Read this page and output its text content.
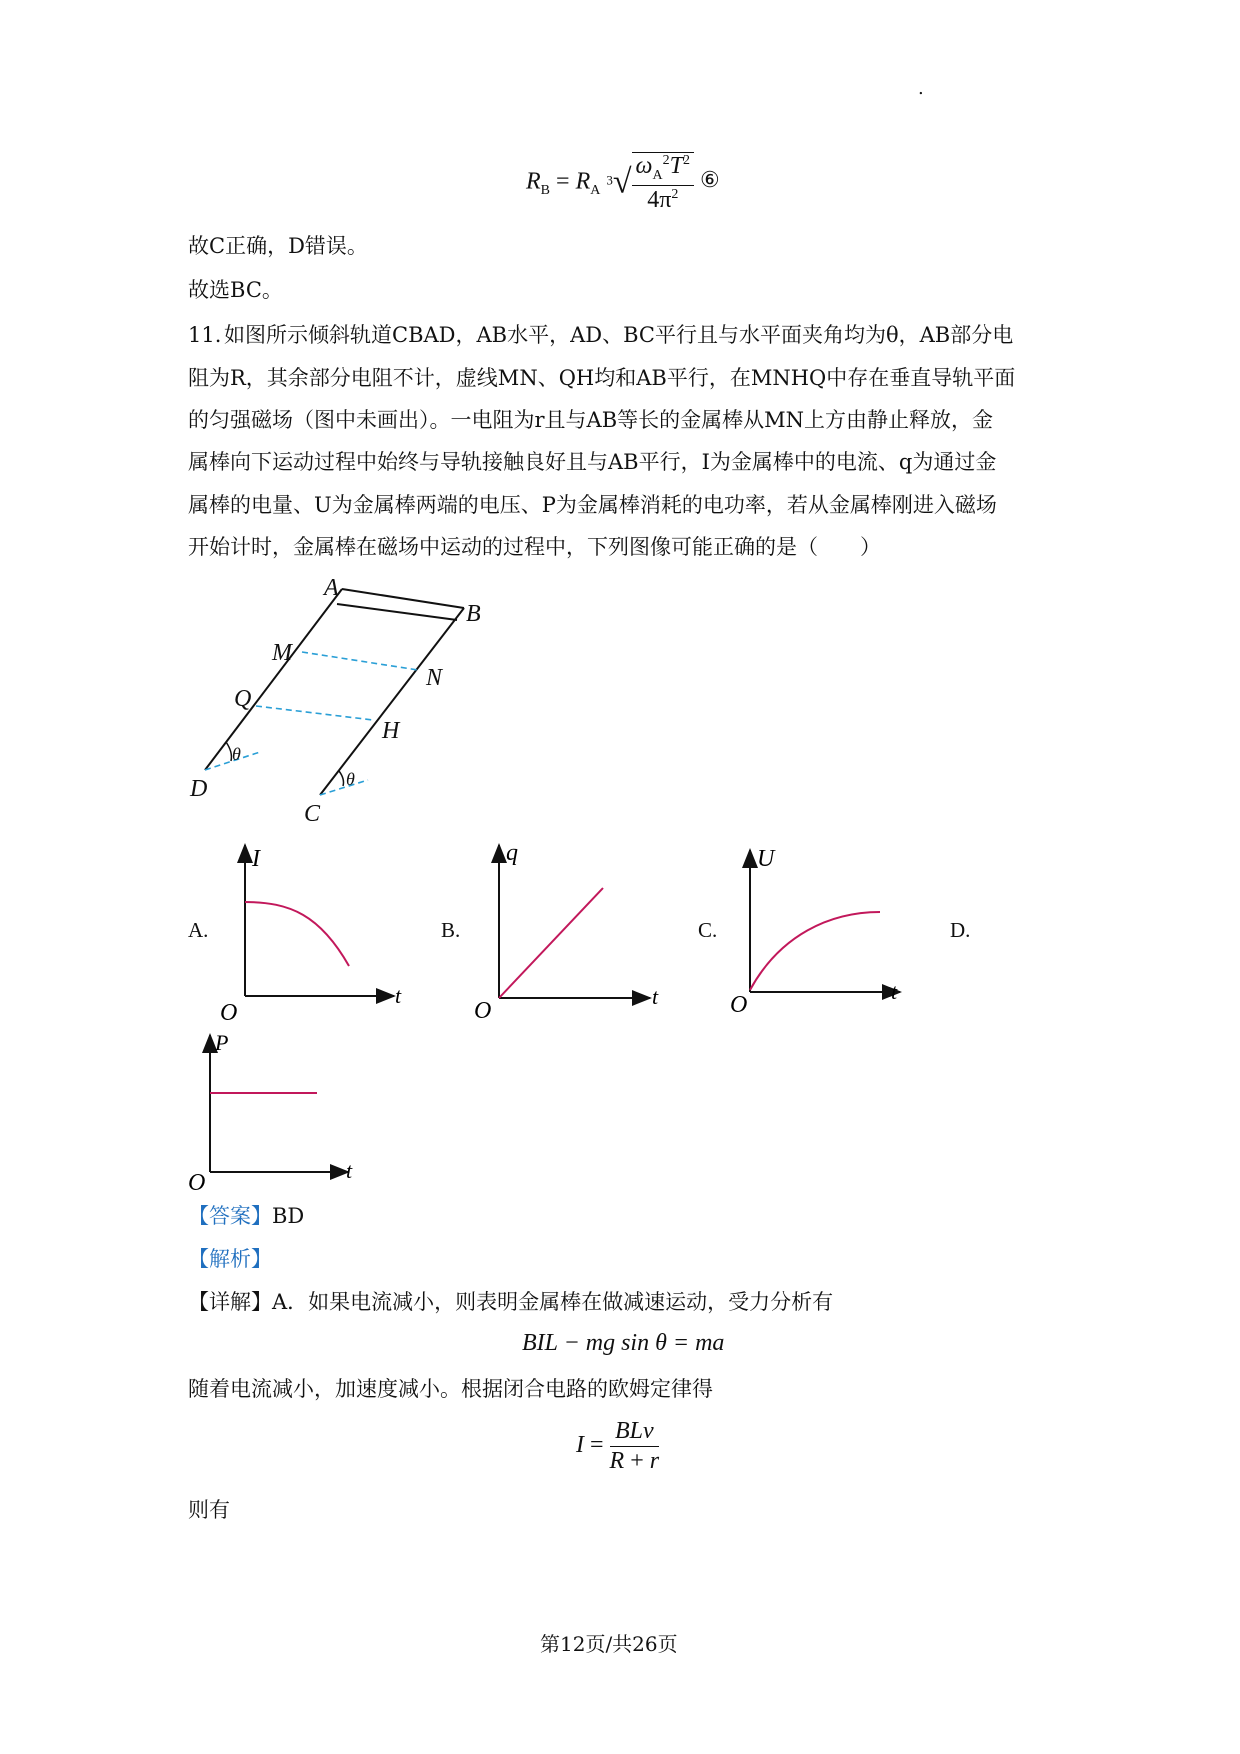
.
$R_B = R_A$ $3√ \frac{\omega_A^2T^2}{4\pi^2}$ ⑥
故C正确，D错误。
故选BC。
11. 如图所示倾斜轨道CBAD，AB水平，AD、BC平行且与水平面夹角均为θ，AB部分电
阻为R，其余部分电阻不计，虚线MN、QH均和AB平行，在MNHQ中存在垂直导轨平面
的匀强磁场（图中未画出）。一电阻为r且与AB等长的金属棒从MN上方由静止释放，金
属棒向下运动过程中始终与导轨接触良好且与AB平行，I为金属棒中的电流、q为通过金
属棒的电量、U为金属棒两端的电压、P为金属棒消耗的电功率，若从金属棒刚进入磁场
开始计时，金属棒在磁场中运动的过程中，下列图像可能正确的是（　　）
A
B
M
N
Q
H
D
C
θ
θ
I
t
O
q
t
O
U
t
O
P
t
O
A.	B.	C.	D.
【答案】BD
【解析】
【详解】A．如果电流减小，则表明金属棒在做减速运动，受力分析有
BIL − mg sin θ = ma
随着电流减小，加速度减小。根据闭合电路的欧姆定律得
$I = \frac{\text{BLv}}{R + r}$
则有
第12页/共26页
